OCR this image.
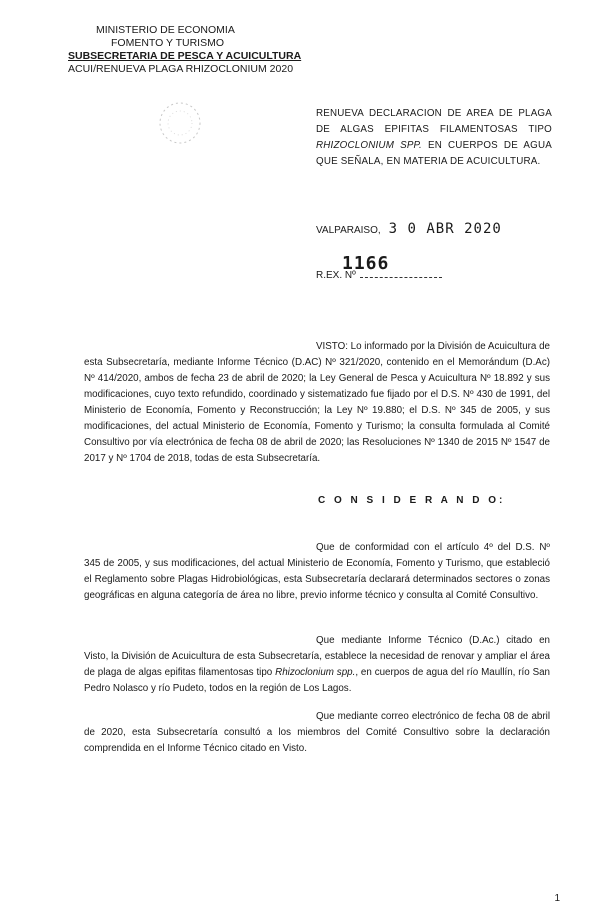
MINISTERIO DE ECONOMIA
FOMENTO Y TURISMO
SUBSECRETARIA DE PESCA Y ACUICULTURA
ACUI/RENUEVA PLAGA RHIZOCLONIUM 2020
RENUEVA DECLARACION DE AREA DE PLAGA DE ALGAS EPIFITAS FILAMENTOSAS TIPO RHIZOCLONIUM SPP. EN CUERPOS DE AGUA QUE SEÑALA, EN MATERIA DE ACUICULTURA.
VALPARAISO, 3 0 ABR 2020
R.EX. Nº
1166
VISTO: Lo informado por la División de Acuicultura de esta Subsecretaría, mediante Informe Técnico (D.AC) Nº 321/2020, contenido en el Memorándum (D.Ac) Nº 414/2020, ambos de fecha 23 de abril de 2020; la Ley General de Pesca y Acuicultura Nº 18.892 y sus modificaciones, cuyo texto refundido, coordinado y sistematizado fue fijado por el D.S. Nº 430 de 1991, del Ministerio de Economía, Fomento y Reconstrucción; la Ley Nº 19.880; el D.S. Nº 345 de 2005, y sus modificaciones, del actual Ministerio de Economía, Fomento y Turismo; la consulta formulada al Comité Consultivo por vía electrónica de fecha 08 de abril de 2020; las Resoluciones Nº 1340 de 2015 Nº 1547 de 2017 y Nº 1704 de 2018, todas de esta Subsecretaría.
C O N S I D E R A N D O:
Que de conformidad con el artículo 4º del D.S. Nº 345 de 2005, y sus modificaciones, del actual Ministerio de Economía, Fomento y Turismo, que estableció el Reglamento sobre Plagas Hidrobiológicas, esta Subsecretaría declarará determinados sectores o zonas geográficas en alguna categoría de área no libre, previo informe técnico y consulta al Comité Consultivo.
Que mediante Informe Técnico (D.Ac.) citado en Visto, la División de Acuicultura de esta Subsecretaría, establece la necesidad de renovar y ampliar el área de plaga de algas epifitas filamentosas tipo Rhizoclonium spp., en cuerpos de agua del río Maullín, río San Pedro Nolasco y río Pudeto, todos en la región de Los Lagos.
Que mediante correo electrónico de fecha 08 de abril de 2020, esta Subsecretaría consultó a los miembros del Comité Consultivo sobre la declaración comprendida en el Informe Técnico citado en Visto.
1
